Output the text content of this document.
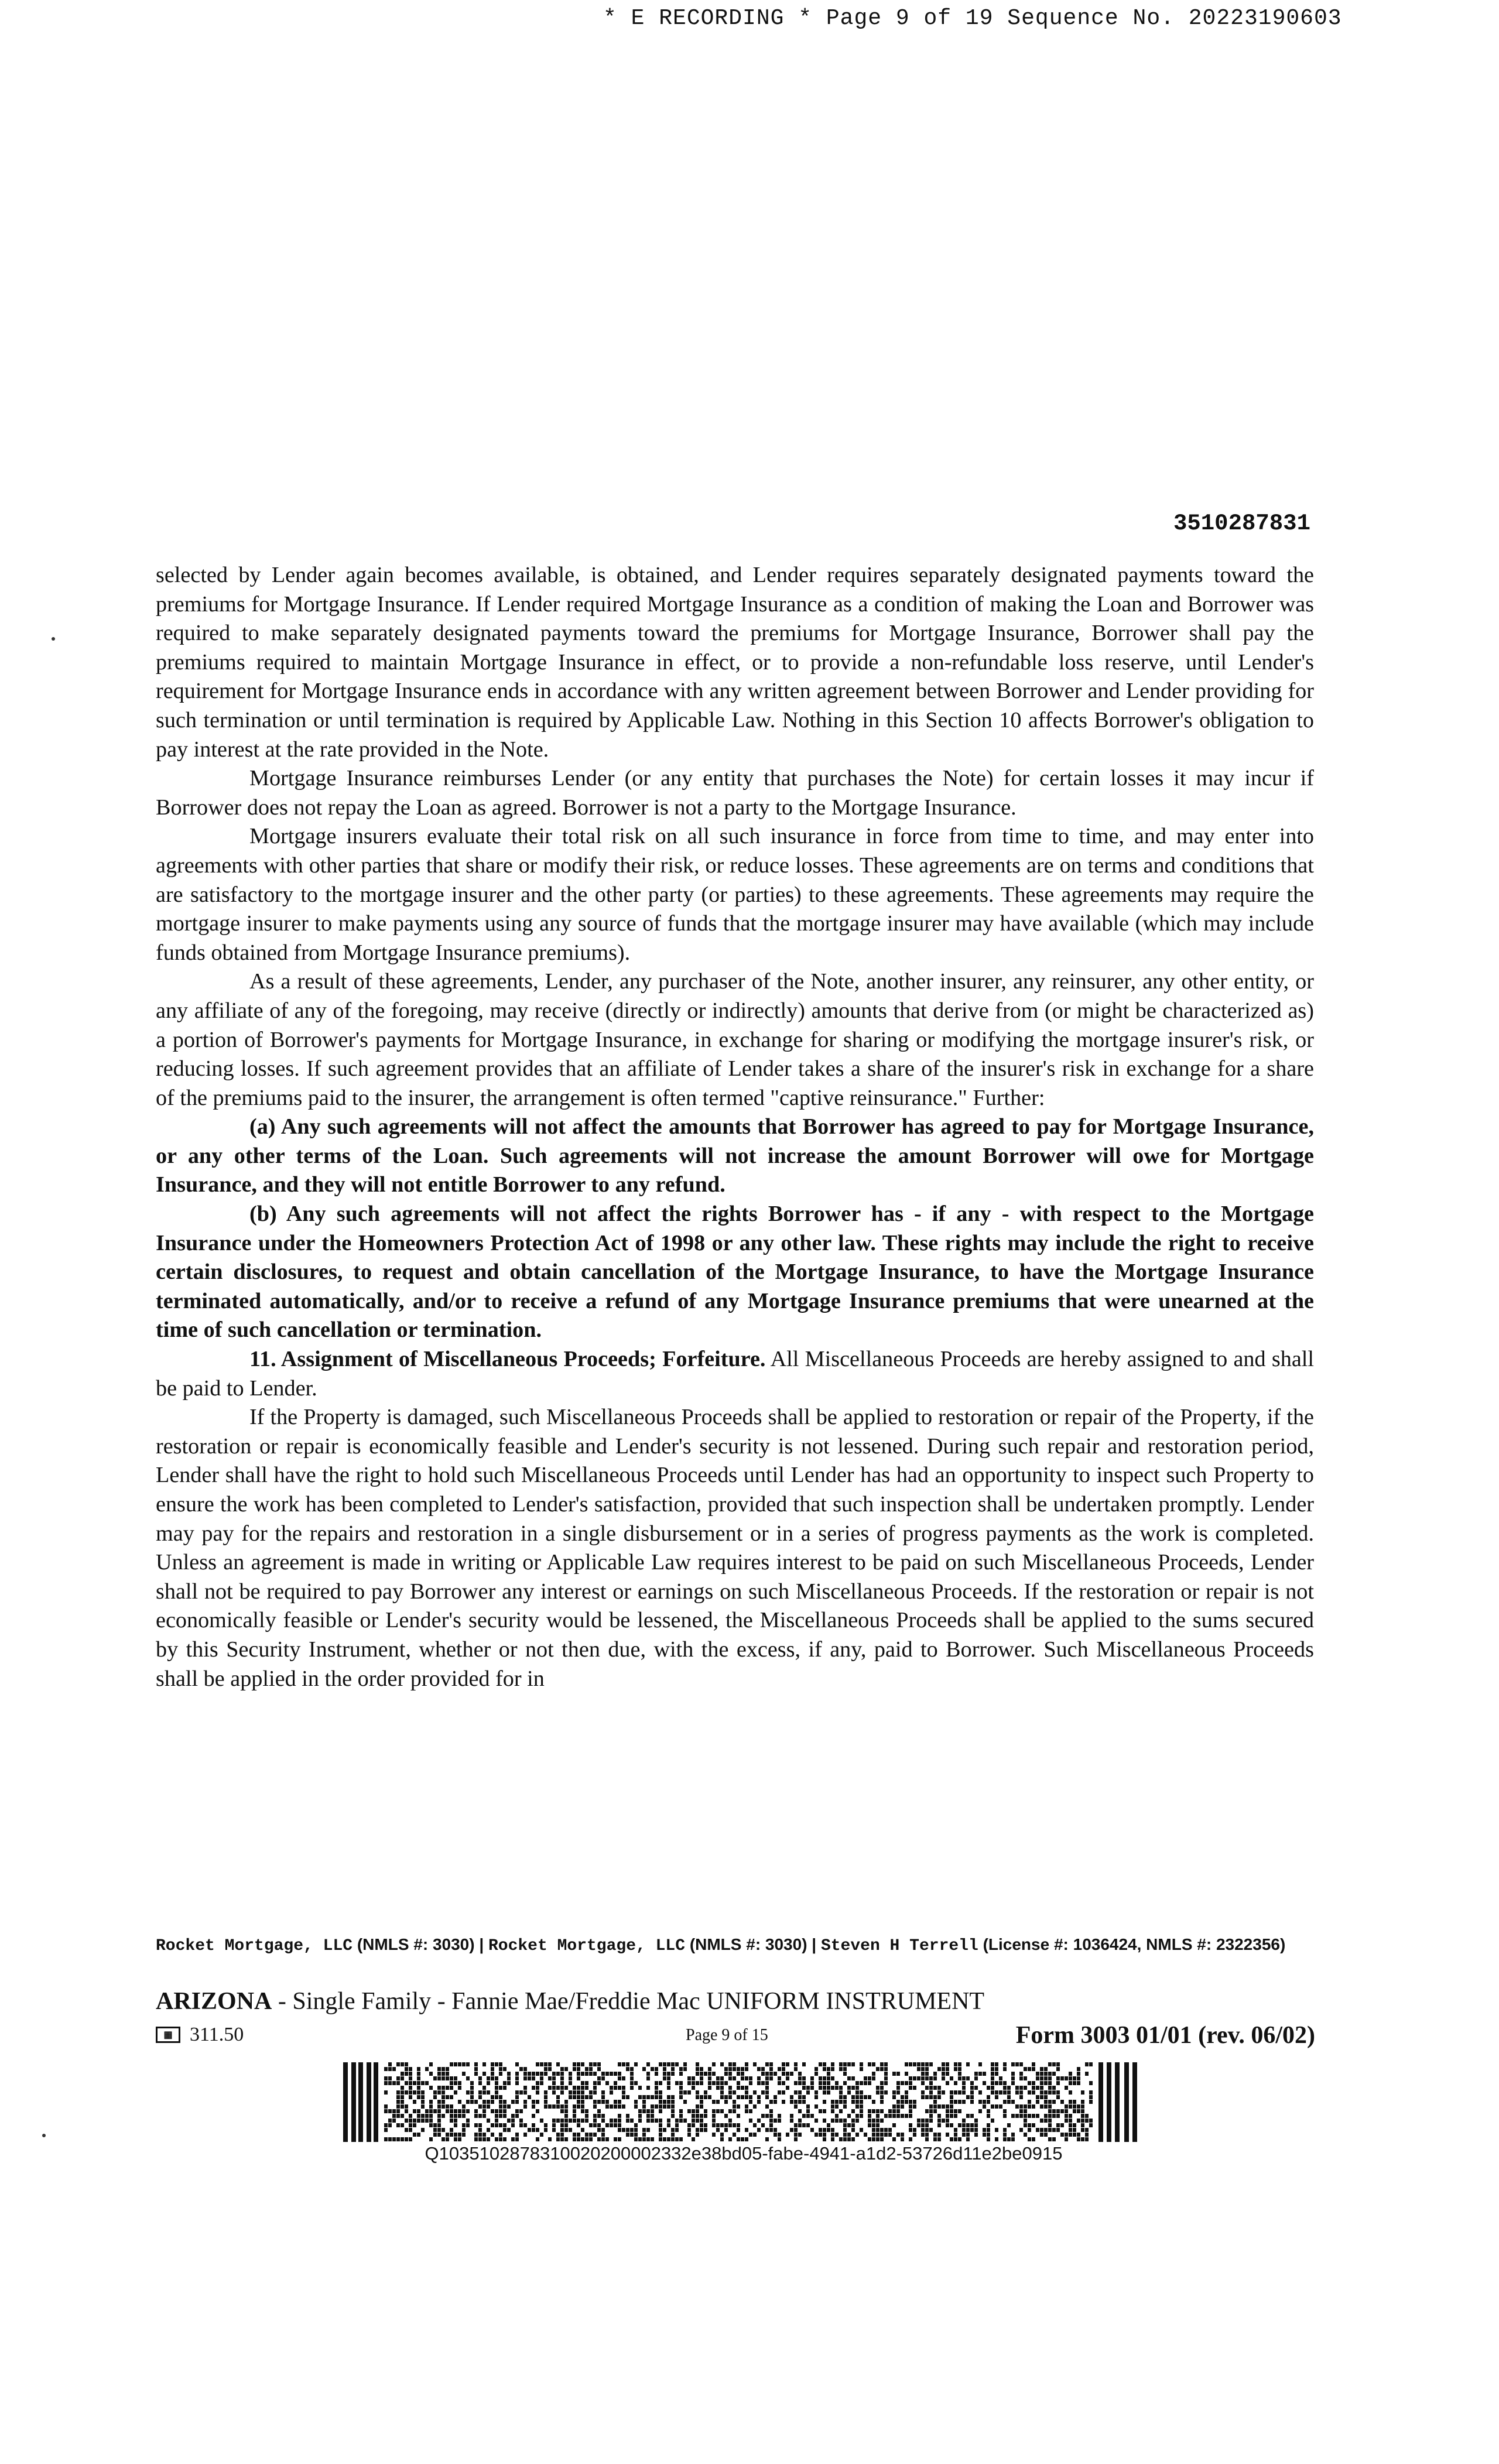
* E RECORDING * Page 9 of 19 Sequence No. 20223190603
3510287831

selected by Lender again becomes available, is obtained, and Lender requires separately designated payments toward the premiums for Mortgage Insurance. If Lender required Mortgage Insurance as a condition of making the Loan and Borrower was required to make separately designated payments toward the premiums for Mortgage Insurance, Borrower shall pay the premiums required to maintain Mortgage Insurance in effect, or to provide a non-refundable loss reserve, until Lender's requirement for Mortgage Insurance ends in accordance with any written agreement between Borrower and Lender providing for such termination or until termination is required by Applicable Law. Nothing in this Section 10 affects Borrower's obligation to pay interest at the rate provided in the Note.

Mortgage Insurance reimburses Lender (or any entity that purchases the Note) for certain losses it may incur if Borrower does not repay the Loan as agreed. Borrower is not a party to the Mortgage Insurance.

Mortgage insurers evaluate their total risk on all such insurance in force from time to time, and may enter into agreements with other parties that share or modify their risk, or reduce losses. These agreements are on terms and conditions that are satisfactory to the mortgage insurer and the other party (or parties) to these agreements. These agreements may require the mortgage insurer to make payments using any source of funds that the mortgage insurer may have available (which may include funds obtained from Mortgage Insurance premiums).

As a result of these agreements, Lender, any purchaser of the Note, another insurer, any reinsurer, any other entity, or any affiliate of any of the foregoing, may receive (directly or indirectly) amounts that derive from (or might be characterized as) a portion of Borrower's payments for Mortgage Insurance, in exchange for sharing or modifying the mortgage insurer's risk, or reducing losses. If such agreement provides that an affiliate of Lender takes a share of the insurer's risk in exchange for a share of the premiums paid to the insurer, the arrangement is often termed "captive reinsurance." Further:

(a) Any such agreements will not affect the amounts that Borrower has agreed to pay for Mortgage Insurance, or any other terms of the Loan. Such agreements will not increase the amount Borrower will owe for Mortgage Insurance, and they will not entitle Borrower to any refund.

(b) Any such agreements will not affect the rights Borrower has - if any - with respect to the Mortgage Insurance under the Homeowners Protection Act of 1998 or any other law. These rights may include the right to receive certain disclosures, to request and obtain cancellation of the Mortgage Insurance, to have the Mortgage Insurance terminated automatically, and/or to receive a refund of any Mortgage Insurance premiums that were unearned at the time of such cancellation or termination.

11. Assignment of Miscellaneous Proceeds; Forfeiture. All Miscellaneous Proceeds are hereby assigned to and shall be paid to Lender.

If the Property is damaged, such Miscellaneous Proceeds shall be applied to restoration or repair of the Property, if the restoration or repair is economically feasible and Lender's security is not lessened. During such repair and restoration period, Lender shall have the right to hold such Miscellaneous Proceeds until Lender has had an opportunity to inspect such Property to ensure the work has been completed to Lender's satisfaction, provided that such inspection shall be undertaken promptly. Lender may pay for the repairs and restoration in a single disbursement or in a series of progress payments as the work is completed. Unless an agreement is made in writing or Applicable Law requires interest to be paid on such Miscellaneous Proceeds, Lender shall not be required to pay Borrower any interest or earnings on such Miscellaneous Proceeds. If the restoration or repair is not economically feasible or Lender's security would be lessened, the Miscellaneous Proceeds shall be applied to the sums secured by this Security Instrument, whether or not then due, with the excess, if any, paid to Borrower. Such Miscellaneous Proceeds shall be applied in the order provided for in

Rocket Mortgage, LLC (NMLS #: 3030) | Rocket Mortgage, LLC (NMLS #: 3030) | Steven H Terrell (License #: 1036424, NMLS #: 2322356)
ARIZONA - Single Family - Fannie Mae/Freddie Mac UNIFORM INSTRUMENT
▦ 311.50	Page 9 of 15	Form 3003 01/01 (rev. 06/02)
Q1035102878310020200002332e38bd05-fabe-4941-a1d2-53726d11e2be0915
